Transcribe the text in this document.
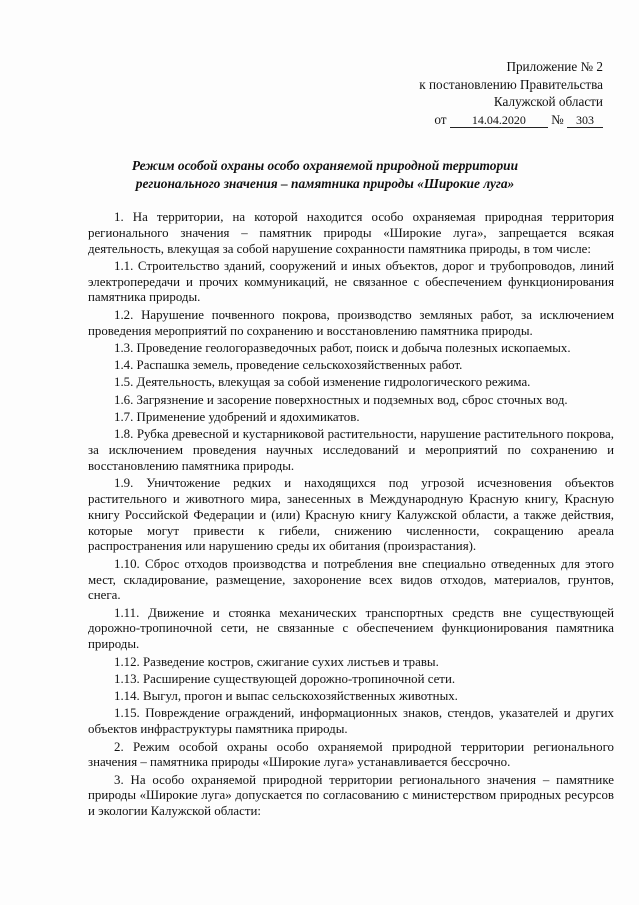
Приложение № 2
к постановлению Правительства
Калужской области
от 14.04.2020 № 303
Режим особой охраны особо охраняемой природной территории
регионального значения – памятника природы «Широкие луга»

1. На территории, на которой находится особо охраняемая природная территория регионального значения – памятник природы «Широкие луга», запрещается всякая деятельность, влекущая за собой нарушение сохранности памятника природы, в том числе:

1.1. Строительство зданий, сооружений и иных объектов, дорог и трубопроводов, линий электропередачи и прочих коммуникаций, не связанное с обеспечением функционирования памятника природы.

1.2. Нарушение почвенного покрова, производство земляных работ, за исключением проведения мероприятий по сохранению и восстановлению памятника природы.

1.3. Проведение геологоразведочных работ, поиск и добыча полезных ископаемых.

1.4. Распашка земель, проведение сельскохозяйственных работ.

1.5. Деятельность, влекущая за собой изменение гидрологического режима.

1.6. Загрязнение и засорение поверхностных и подземных вод, сброс сточных вод.

1.7. Применение удобрений и ядохимикатов.

1.8. Рубка древесной и кустарниковой растительности, нарушение растительного покрова, за исключением проведения научных исследований и мероприятий по сохранению и восстановлению памятника природы.

1.9. Уничтожение редких и находящихся под угрозой исчезновения объектов растительного и животного мира, занесенных в Международную Красную книгу, Красную книгу Российской Федерации и (или) Красную книгу Калужской области, а также действия, которые могут привести к гибели, снижению численности, сокращению ареала распространения или нарушению среды их обитания (произрастания).

1.10. Сброс отходов производства и потребления вне специально отведенных для этого мест, складирование, размещение, захоронение всех видов отходов, материалов, грунтов, снега.

1.11. Движение и стоянка механических транспортных средств вне существующей дорожно-тропиночной сети, не связанные с обеспечением функционирования памятника природы.

1.12. Разведение костров, сжигание сухих листьев и травы.

1.13. Расширение существующей дорожно-тропиночной сети.

1.14. Выгул, прогон и выпас сельскохозяйственных животных.

1.15. Повреждение ограждений, информационных знаков, стендов, указателей и других объектов инфраструктуры памятника природы.

2. Режим особой охраны особо охраняемой природной территории регионального значения – памятника природы «Широкие луга» устанавливается бессрочно.

3. На особо охраняемой природной территории регионального значения – памятнике природы «Широкие луга» допускается по согласованию с министерством природных ресурсов и экологии Калужской области:
